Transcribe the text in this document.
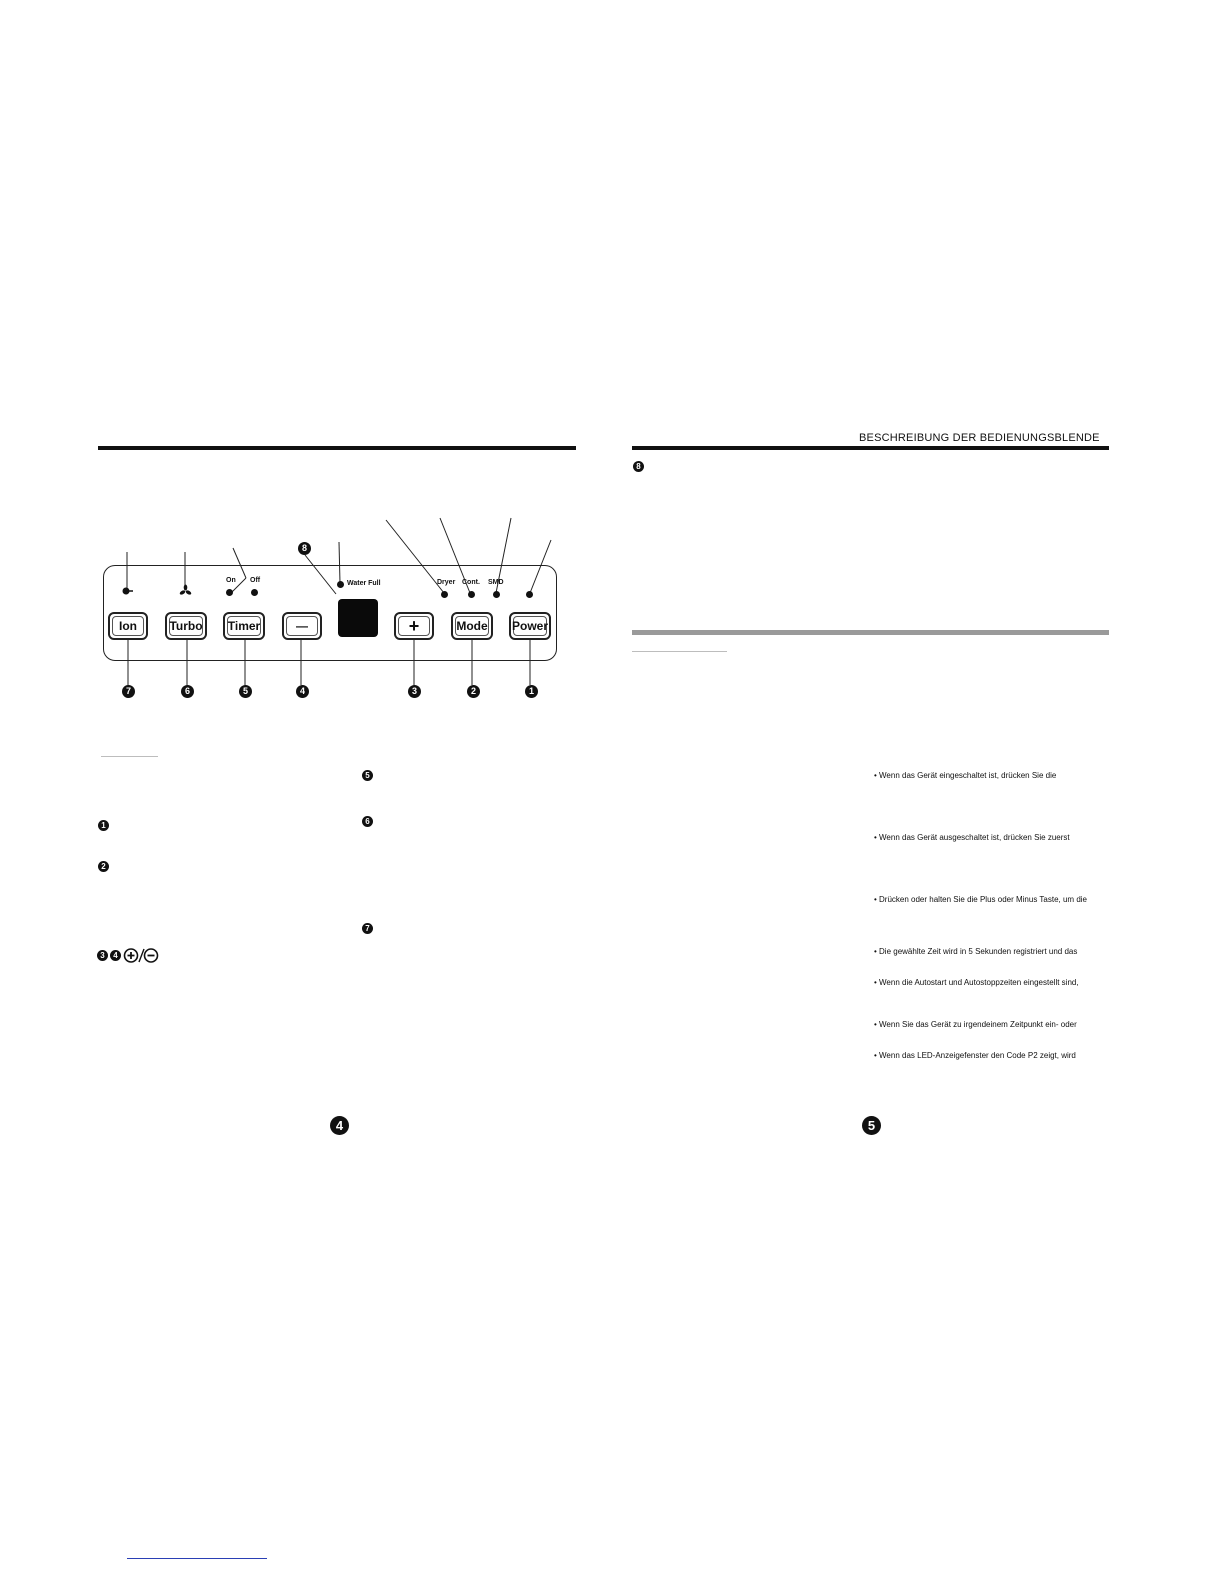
On Off	Water Full	Dryer Cont. SMD
Ion	Turbo	Timer	—	+	Mode	Power
8
7	6	5	4	3	2	1
1
2
3	4
5
6
7
4
BESCHREIBUNG DER BEDIENUNGSBLENDE
8
• Wenn das Gerät eingeschaltet ist, drücken Sie die
• Wenn das Gerät ausgeschaltet ist, drücken Sie zuerst
• Drücken oder halten Sie die Plus oder Minus Taste, um die
• Die gewählte Zeit wird in 5 Sekunden registriert und das
• Wenn die Autostart und Autostoppzeiten eingestellt sind,
• Wenn Sie das Gerät zu irgendeinem Zeitpunkt ein- oder
• Wenn das LED-Anzeigefenster den Code P2 zeigt, wird
5
